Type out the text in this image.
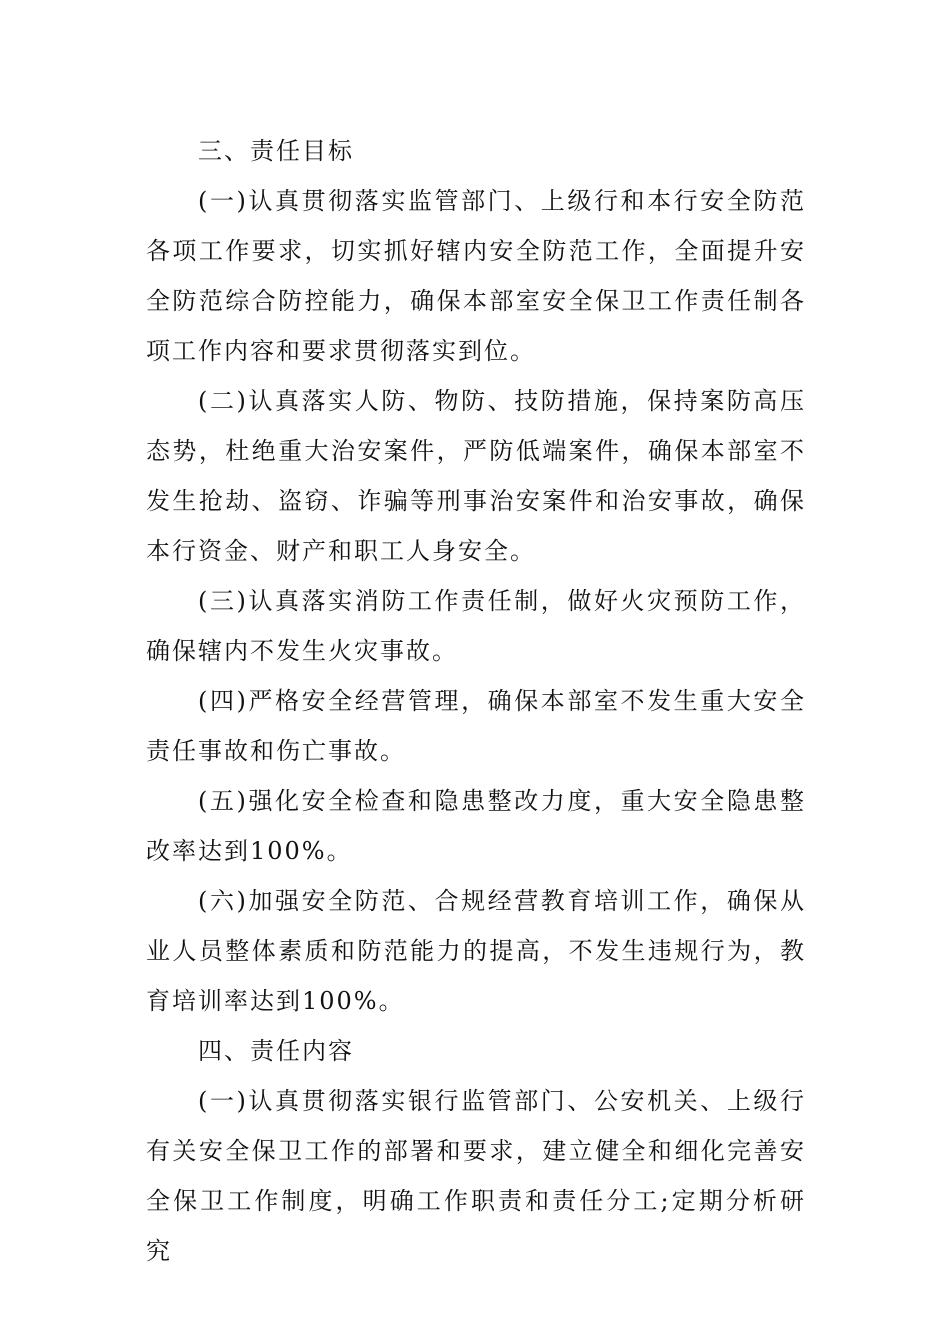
三、责任目标

(一)认真贯彻落实监管部门、上级行和本行安全防范各项工作要求，切实抓好辖内安全防范工作，全面提升安全防范综合防控能力，确保本部室安全保卫工作责任制各项工作内容和要求贯彻落实到位。

(二)认真落实人防、物防、技防措施，保持案防高压态势，杜绝重大治安案件，严防低端案件，确保本部室不发生抢劫、盗窃、诈骗等刑事治安案件和治安事故，确保本行资金、财产和职工人身安全。

(三)认真落实消防工作责任制，做好火灾预防工作，确保辖内不发生火灾事故。

(四)严格安全经营管理，确保本部室不发生重大安全责任事故和伤亡事故。

(五)强化安全检查和隐患整改力度，重大安全隐患整改率达到100%。

(六)加强安全防范、合规经营教育培训工作，确保从业人员整体素质和防范能力的提高，不发生违规行为，教育培训率达到100%。

四、责任内容

(一)认真贯彻落实银行监管部门、公安机关、上级行有关安全保卫工作的部署和要求，建立健全和细化完善安全保卫工作制度，明确工作职责和责任分工;定期分析研究
